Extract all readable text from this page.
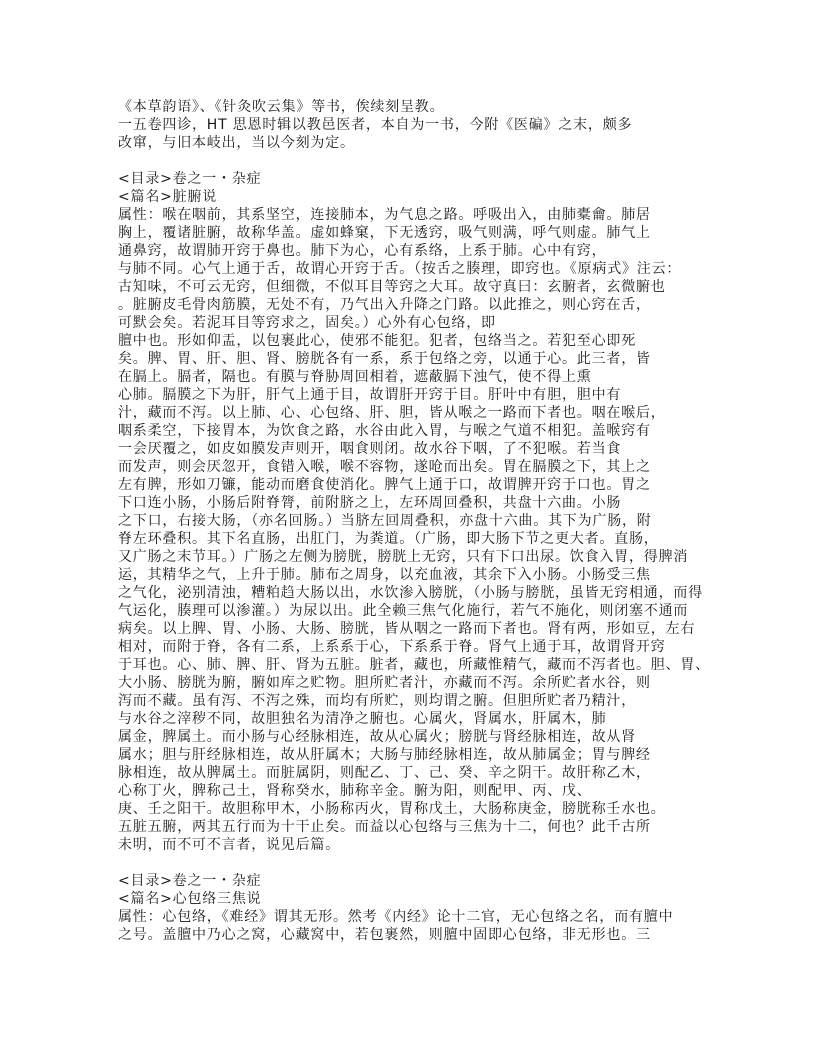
《本草韵语》、《针灸吹云集》等书，俟续刻呈教。
一五卷四诊，HT 思恩时辑以教邑医者，本自为一书，今附《医碥》之末，颇多
改窜，与旧本岐出，当以今刻为定。
<目录>卷之一・杂症
<篇名>脏腑说
属性：喉在咽前，其系坚空，连接肺本，为气息之路。呼吸出入，由肺橐龠。肺居
胸上，覆诸脏腑，故称华盖。虚如蜂窠，下无透窍，吸气则满，呼气则虚。肺气上
通鼻窍，故谓肺开窍于鼻也。肺下为心，心有系络，上系于肺。心中有窍，
与肺不同。心气上通于舌，故谓心开窍于舌。（按舌之腠理，即窍也。《原病式》注云：
古知味，不可云无窍，但细微，不似耳目等窍之大耳。故守真曰：玄腑者，玄微腑也
。脏腑皮毛骨肉筋膜，无处不有，乃气出入升降之门路。以此推之，则心窍在舌，
可默会矣。若泥耳目等窍求之，固矣。）心外有心包络，即
膻中也。形如仰盂，以包裹此心，使邪不能犯。犯者，包络当之。若犯至心即死
矣。脾、胃、肝、胆、肾、膀胱各有一系，系于包络之旁，以通于心。此三者，皆
在膈上。膈者，隔也。有膜与脊胁周回相着，遮蔽膈下浊气，使不得上熏
心肺。膈膜之下为肝，肝气上通于目，故谓肝开窍于目。肝叶中有胆，胆中有
汁，藏而不泻。以上肺、心、心包络、肝、胆，皆从喉之一路而下者也。咽在喉后，
咽系柔空，下接胃本，为饮食之路，水谷由此入胃，与喉之气道不相犯。盖喉窍有
一会厌覆之，如皮如膜发声则开，咽食则闭。故水谷下咽，了不犯喉。若当食
而发声，则会厌忽开，食错入喉，喉不容物，遂呛而出矣。胃在膈膜之下，其上之
左有脾，形如刀镰，能动而磨食使消化。脾气上通于口，故谓脾开窍于口也。胃之
下口连小肠，小肠后附脊膂，前附脐之上，左环周回叠积，共盘十六曲。小肠
之下口，右接大肠，（亦名回肠。）当脐左回周叠积，亦盘十六曲。其下为广肠，附
脊左环叠积。其下名直肠，出肛门，为粪道。（广肠，即大肠下节之更大者。直肠，
又广肠之末节耳。）广肠之左侧为膀胱，膀胱上无窍，只有下口出尿。饮食入胃，得脾消
运，其精华之气，上升于肺。肺布之周身，以充血液，其余下入小肠。小肠受三焦
之气化，泌别清浊，糟粕趋大肠以出，水饮渗入膀胱，（小肠与膀胱，虽皆无窍相通，而得
气运化，腠理可以渗灌。）为尿以出。此全赖三焦气化施行，若气不施化，则闭塞不通而
病矣。以上脾、胃、小肠、大肠、膀胱，皆从咽之一路而下者也。肾有两，形如豆，左右
相对，而附于脊，各有二系，上系系于心，下系系于脊。肾气上通于耳，故谓肾开窍
于耳也。心、肺、脾、肝、肾为五脏。脏者，藏也，所藏惟精气，藏而不泻者也。胆、胃、
大小肠、膀胱为腑，腑如库之贮物。胆所贮者汁，亦藏而不泻。余所贮者水谷，则
泻而不藏。虽有泻、不泻之殊，而均有所贮，则均谓之腑。但胆所贮者乃精汁，
与水谷之滓秽不同，故胆独名为清净之腑也。心属火，肾属水，肝属木，肺
属金，脾属土。而小肠与心经脉相连，故从心属火；膀胱与肾经脉相连，故从肾
属水；胆与肝经脉相连，故从肝属木；大肠与肺经脉相连，故从肺属金；胃与脾经
脉相连，故从脾属土。而脏属阴，则配乙、丁、己、癸、辛之阴干。故肝称乙木，
心称丁火，脾称己土，肾称癸水，肺称辛金。腑为阳，则配甲、丙、戊、
庚、壬之阳干。故胆称甲木，小肠称丙火，胃称戊土，大肠称庚金，膀胱称壬水也。
五脏五腑，两其五行而为十干止矣。而益以心包络与三焦为十二，何也？此千古所
未明，而不可不言者，说见后篇。
<目录>卷之一・杂症
<篇名>心包络三焦说
属性：心包络，《难经》谓其无形。然考《内经》论十二官，无心包络之名，而有膻中
之号。盖膻中乃心之窝，心藏窝中，若包裹然，则膻中固即心包络，非无形也。三
